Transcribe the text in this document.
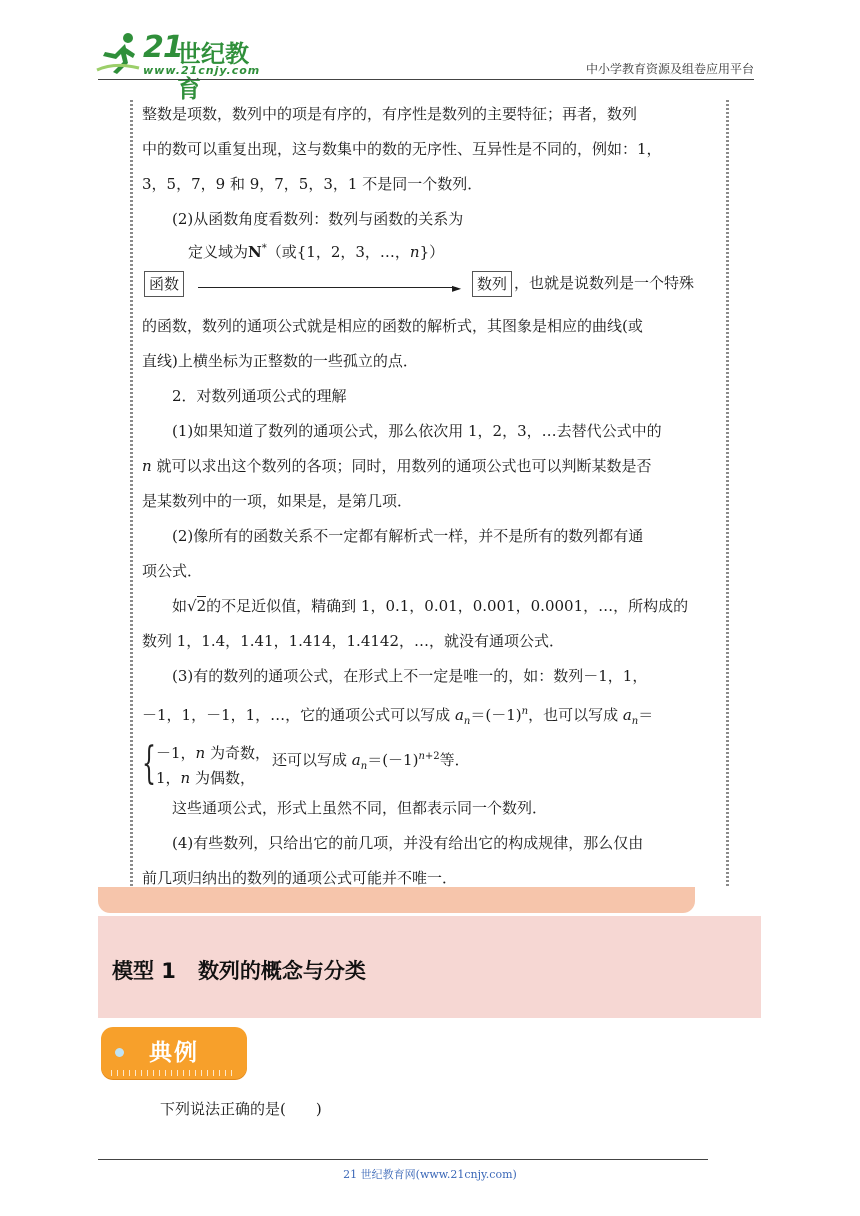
21
世纪教育
www.21cnjy.com	中小学教育资源及组卷应用平台

整数是项数，数列中的项是有序的，有序性是数列的主要特征；再者，数列

中的数可以重复出现，这与数集中的数的无序性、互异性是不同的，例如：1，

3，5，7，9 和 9，7，5，3，1 不是同一个数列．

(2)从函数角度看数列：数列与函数的关系为

函数
定义域为N*（或{1，2，3，…，n}）
►	数列 ，也就是说数列是一个特殊

的函数，数列的通项公式就是相应的函数的解析式，其图象是相应的曲线(或

直线)上横坐标为正整数的一些孤立的点．

2．对数列通项公式的理解

(1)如果知道了数列的通项公式，那么依次用 1，2，3，…去替代公式中的

n 就可以求出这个数列的各项；同时，用数列的通项公式也可以判断某数是否

是某数列中的一项，如果是，是第几项．

(2)像所有的函数关系不一定都有解析式一样，并不是所有的数列都有通

项公式．

如√2的不足近似值，精确到 1，0.1，0.01，0.001，0.0001，…，所构成的

数列 1，1.4，1.41，1.414，1.4142，…，就没有通项公式．

(3)有的数列的通项公式，在形式上不一定是唯一的，如：数列－1，1，

－1，1，－1，1，…，它的通项公式可以写成 $a_n=(-1)^n$，也可以写成 $a_n=$

{ －1，n 为奇数，
1，n 为偶数，
还可以写成 $a_n=(-1)^{n+2}$等．

这些通项公式，形式上虽然不同，但都表示同一个数列．

(4)有些数列，只给出它的前几项，并没有给出它的构成规律，那么仅由

前几项归纳出的数列的通项公式可能并不唯一．

模型 1 数列的概念与分类
典例
下列说法正确的是(　　)
21 世纪教育网(www.21cnjy.com)
